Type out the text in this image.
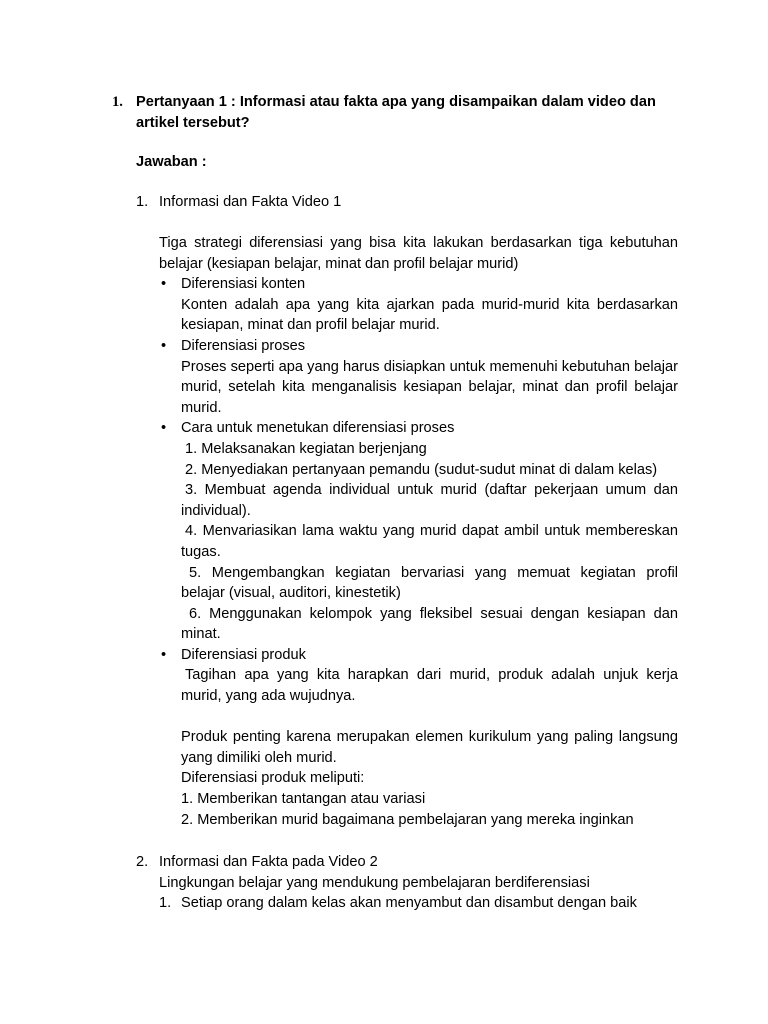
1. Pertanyaan 1 : Informasi atau fakta apa yang disampaikan dalam video dan artikel tersebut?
Jawaban :
1. Informasi dan Fakta Video 1
Tiga strategi diferensiasi yang bisa kita lakukan berdasarkan tiga kebutuhan belajar (kesiapan belajar, minat dan profil belajar murid)
• Diferensiasi konten
Konten adalah apa yang kita ajarkan pada murid-murid kita berdasarkan kesiapan, minat dan profil belajar murid.
• Diferensiasi proses
Proses seperti apa yang harus disiapkan untuk memenuhi kebutuhan belajar murid, setelah kita menganalisis kesiapan belajar, minat dan profil belajar murid.
• Cara untuk menetukan diferensiasi proses
1. Melaksanakan kegiatan berjenjang
2. Menyediakan pertanyaan pemandu (sudut-sudut minat di dalam kelas)
3. Membuat agenda individual untuk murid (daftar pekerjaan umum dan individual).
4. Menvariasikan lama waktu yang murid dapat ambil untuk membereskan tugas.
5. Mengembangkan kegiatan bervariasi yang memuat kegiatan profil belajar (visual, auditori, kinestetik)
6. Menggunakan kelompok yang fleksibel sesuai dengan kesiapan dan minat.
• Diferensiasi produk
Tagihan apa yang kita harapkan dari murid, produk adalah unjuk kerja murid, yang ada wujudnya.
Produk penting karena merupakan elemen kurikulum yang paling langsung yang dimiliki oleh murid.
Diferensiasi produk meliputi:
1. Memberikan tantangan atau variasi
2. Memberikan murid bagaimana pembelajaran yang mereka inginkan
2. Informasi dan Fakta pada Video 2
Lingkungan belajar yang mendukung pembelajaran berdiferensiasi
1. Setiap orang dalam kelas akan menyambut dan disambut dengan baik
